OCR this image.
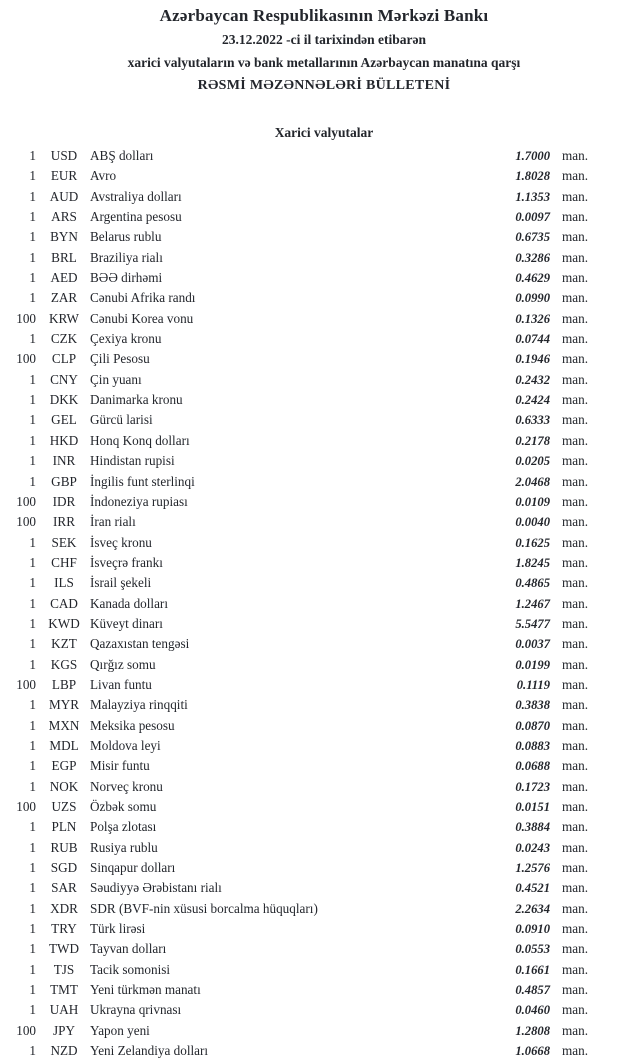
Azərbaycan Respublikasının Mərkəzi Bankı
23.12.2022 -ci il tarixindən etibarən
xarici valyutaların və bank metallarının Azərbaycan manatına qarşı
RƏSMİ MƏZƏNNƏLƏRİ BÜLLETENİ
Xarici valyutalar
1	USD ABŞ dolları	1.7000 man.
1	EUR Avro	1.8028 man.
1	AUD Avstraliya dolları	1.1353 man.
1	ARS Argentina pesosu	0.0097 man.
1	BYN Belarus rublu	0.6735 man.
1	BRL Braziliya rialı	0.3286 man.
1	AED BƏƏ dirhəmi	0.4629 man.
1	ZAR Cənubi Afrika randı	0.0990 man.
100 KRW Cənubi Korea vonu	0.1326 man.
1	CZK Çexiya kronu	0.0744 man.
100	CLP	Çili Pesosu	0.1946 man.
1	CNY Çin yuanı	0.2432 man.
1	DKK Danimarka kronu	0.2424 man.
1	GEL Gürcü larisi	0.6333 man.
1	HKD Honq Konq dolları	0.2178 man.
1	INR	Hindistan rupisi	0.0205 man.
1	GBP İngilis funt sterlinqi	2.0468 man.
100	IDR	İndoneziya rupiası	0.0109 man.
100	IRR	İran rialı	0.0040 man.
1	SEK	İsveç kronu	0.1625 man.
1	CHF İsveçrə frankı	1.8245 man.
1	ILS	İsrail şekeli	0.4865 man.
1	CAD Kanada dolları	1.2467 man.
1 KWD Küveyt dinarı	5.5477 man.
1	KZT Qazaxıstan tengəsi	0.0037 man.
1	KGS Qırğız somu	0.0199 man.
100	LBP	Livan funtu	0.1119 man.
1 MYR Malayziya rinqqiti	0.3838 man.
1 MXN Meksika pesosu	0.0870 man.
1	MDL Moldova leyi	0.0883 man.
1	EGP	Misir funtu	0.0688 man.
1	NOK Norveç kronu	0.1723 man.
100	UZS	Özbək somu	0.0151 man.
1	PLN	Polşa zlotası	0.3884 man.
1	RUB Rusiya rublu	0.0243 man.
1	SGD Sinqapur dolları	1.2576 man.
1	SAR Səudiyyə Ərəbistanı rialı	0.4521 man.
1	XDR SDR (BVF-nin xüsusi borcalma hüquqları)	2.2634 man.
1	TRY Türk lirəsi	0.0910 man.
1 TWD Tayvan dolları	0.0553 man.
1	TJS	Tacik somonisi	0.1661 man.
1	TMT Yeni türkmən manatı	0.4857 man.
1	UAH Ukrayna qrivnası	0.0460 man.
100	JPY	Yapon yeni	1.2808 man.
1	NZD Yeni Zelandiya dolları	1.0668 man.
